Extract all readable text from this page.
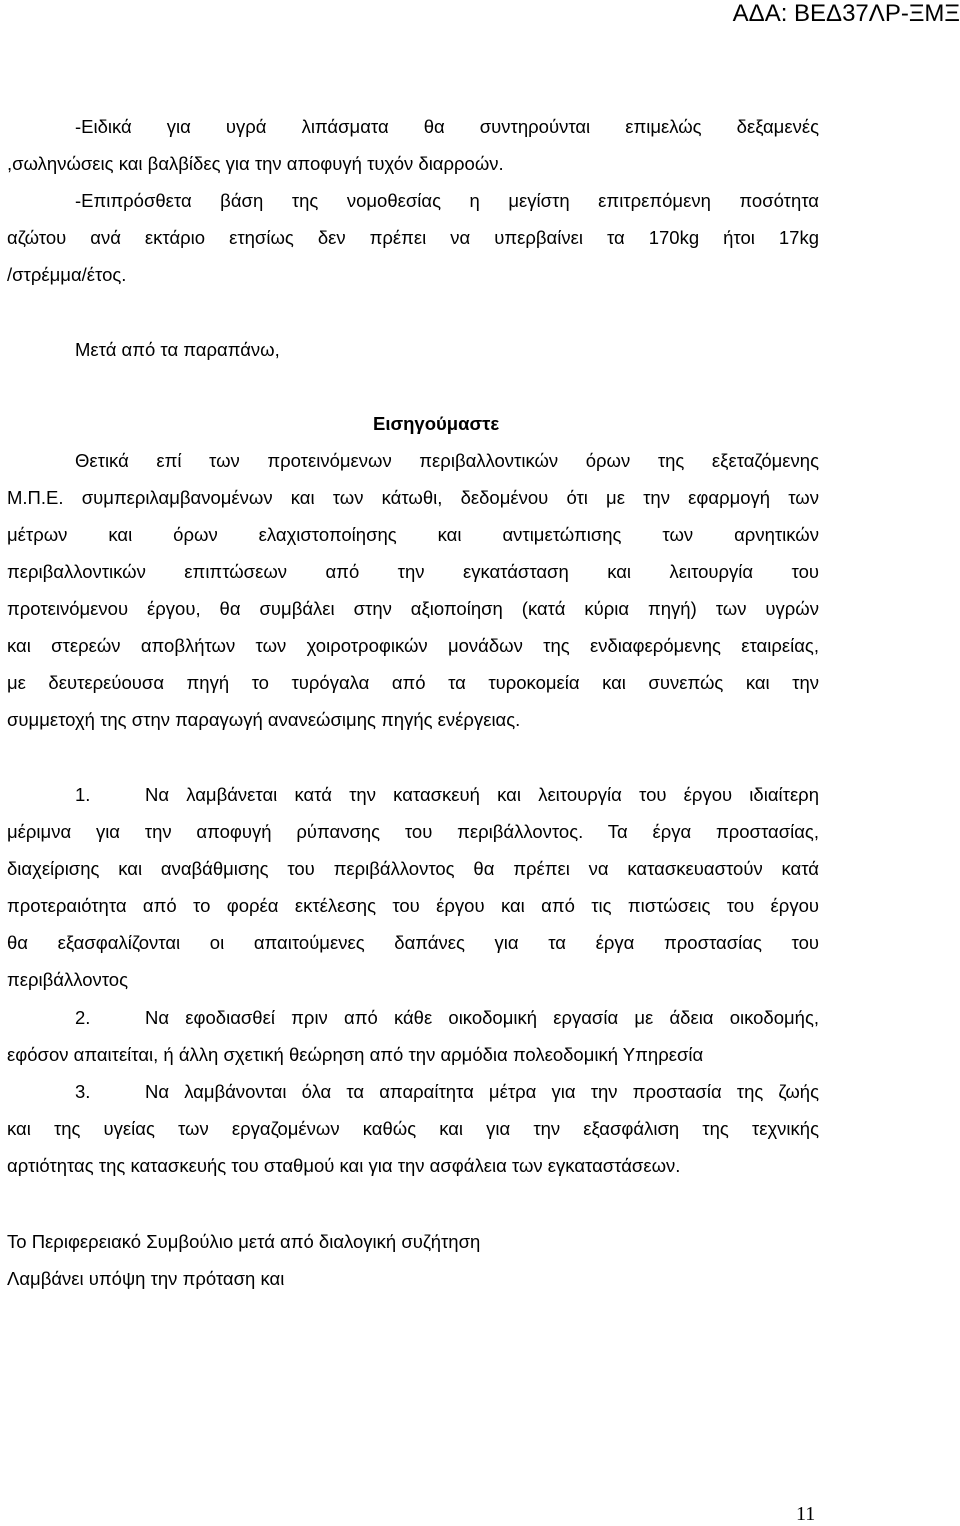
ΑΔΑ: ΒΕΔ37ΛΡ-ΞΜΞ
-Ειδικά για υγρά λιπάσματα θα συντηρούνται επιμελώς δεξαμενές
,σωληνώσεις και βαλβίδες για την αποφυγή τυχόν διαρροών.
-Επιπρόσθετα βάση της νομοθεσίας η μεγίστη επιτρεπόμενη ποσότητα
αζώτου ανά εκτάριο ετησίως δεν πρέπει να υπερβαίνει τα 170kg ήτοι 17kg
/στρέμμα/έτος.
Μετά από τα παραπάνω,
Εισηγούμαστε
Θετικά επί των προτεινόμενων περιβαλλοντικών όρων της εξεταζόμενης
Μ.Π.Ε. συμπεριλαμβανομένων και των κάτωθι, δεδομένου ότι με την εφαρμογή των
μέτρων και όρων ελαχιστοποίησης και αντιμετώπισης των αρνητικών
περιβαλλοντικών επιπτώσεων από την εγκατάσταση και λειτουργία του
προτεινόμενου έργου, θα συμβάλει στην αξιοποίηση (κατά κύρια πηγή) των υγρών
και στερεών αποβλήτων των χοιροτροφικών μονάδων της ενδιαφερόμενης εταιρείας,
με δευτερεύουσα πηγή το τυρόγαλα από τα τυροκομεία και συνεπώς και την
συμμετοχή της στην παραγωγή ανανεώσιμης πηγής ενέργειας.
1.	Να λαμβάνεται κατά την κατασκευή και λειτουργία του έργου ιδιαίτερη
μέριμνα για την αποφυγή ρύπανσης του περιβάλλοντος. Τα έργα προστασίας,
διαχείρισης και αναβάθμισης του περιβάλλοντος θα πρέπει να κατασκευαστούν κατά
προτεραιότητα από το φορέα εκτέλεσης του έργου και από τις πιστώσεις του έργου
θα εξασφαλίζονται οι απαιτούμενες δαπάνες για τα έργα προστασίας του
περιβάλλοντος
2.	Να εφοδιασθεί πριν από κάθε οικοδομική εργασία με άδεια οικοδομής,
εφόσον απαιτείται, ή άλλη σχετική θεώρηση από την αρμόδια πολεοδομική Υπηρεσία
3.	Να λαμβάνονται όλα τα απαραίτητα μέτρα για την προστασία της ζωής
και της υγείας των εργαζομένων καθώς και για την εξασφάλιση της τεχνικής
αρτιότητας της κατασκευής του σταθμού και για την ασφάλεια των εγκαταστάσεων.
Το Περιφερειακό Συμβούλιο μετά από διαλογική συζήτηση
Λαμβάνει υπόψη την πρόταση και
11
